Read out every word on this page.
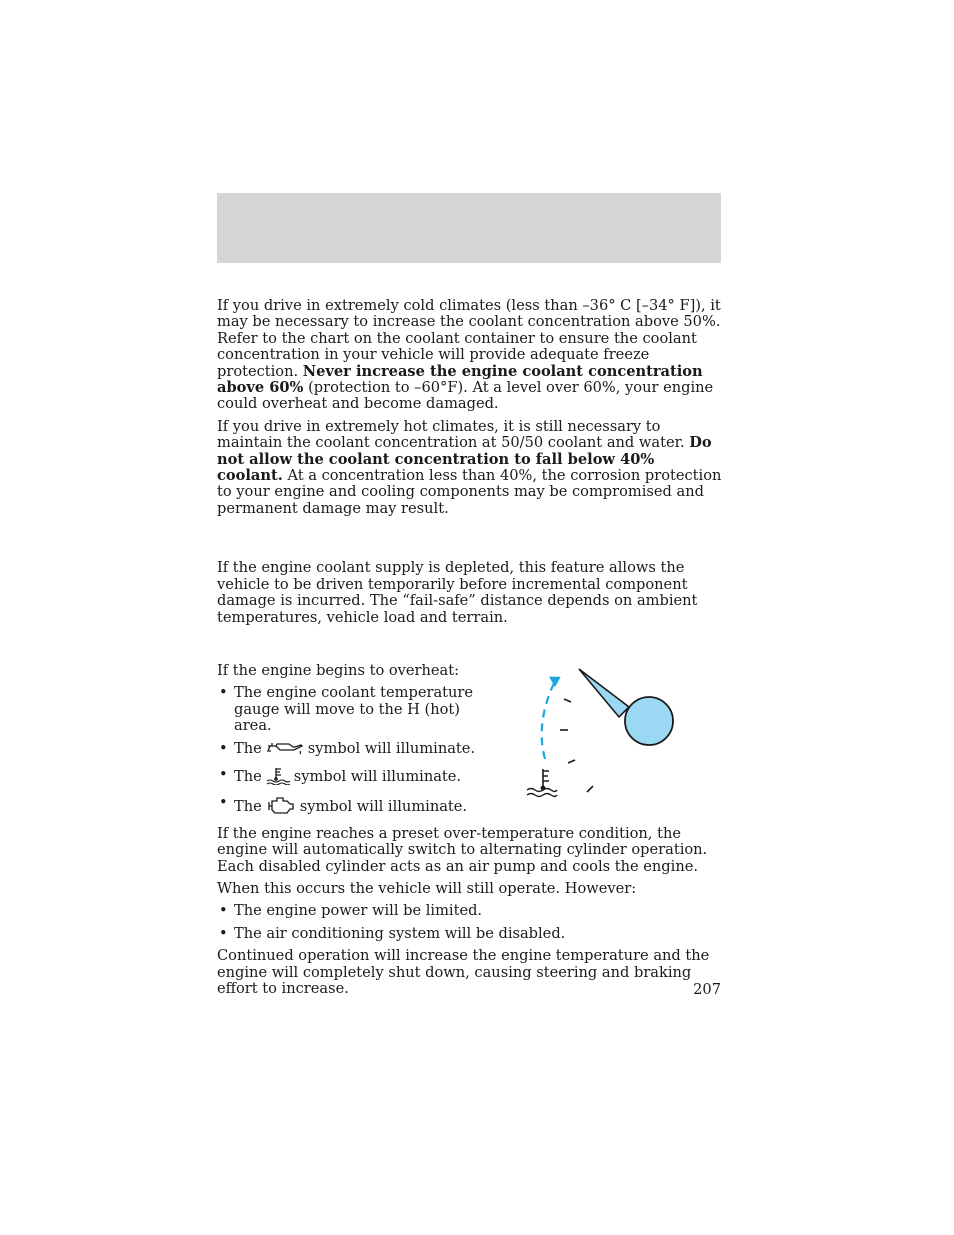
If you drive in extremely cold climates (less than –36° C [–34° F]), it may be necessary to increase the coolant concentration above 50%. Refer to the chart on the coolant container to ensure the coolant concentration in your vehicle will provide adequate freeze protection. Never increase the engine coolant concentration above 60% (protection to –60°F). At a level over 60%, your engine could overheat and become damaged.

If you drive in extremely hot climates, it is still necessary to maintain the coolant concentration at 50/50 coolant and water. Do not allow the coolant concentration to fall below 40% coolant. At a concentration less than 40%, the corrosion protection to your engine and cooling components may be compromised and permanent damage may result.

If the engine coolant supply is depleted, this feature allows the vehicle to be driven temporarily before incremental component damage is incurred. The “fail-safe” distance depends on ambient temperatures, vehicle load and terrain.

If the engine begins to overheat:

• The engine coolant temperature gauge will move to the H (hot) area.
• The	symbol will illuminate.
• The symbol will illuminate.
• The	symbol will illuminate.

If the engine reaches a preset over-temperature condition, the engine will automatically switch to alternating cylinder operation. Each disabled cylinder acts as an air pump and cools the engine.

When this occurs the vehicle will still operate. However:

• The engine power will be limited.
• The air conditioning system will be disabled.

Continued operation will increase the engine temperature and the engine will completely shut down, causing steering and braking effort to increase.	207
